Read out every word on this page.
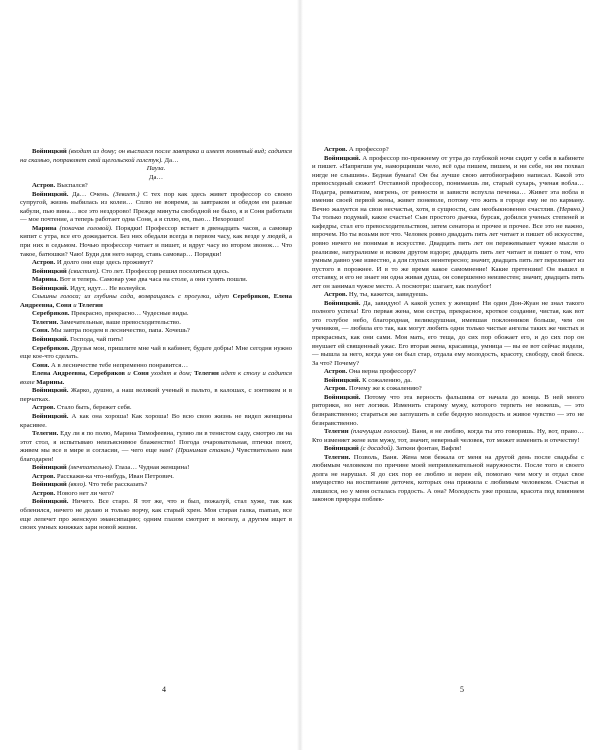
Войницкий (входит из дому; он выспался после завтрака и имеет помятый вид; садится на скамью, поправляет свой щегольской галстук). Да…

Пауза.

Да…

Астров. Выспался?

Войницкий. Да… Очень. (Зевает.) С тех пор как здесь живет профессор со своею супругой, жизнь выбилась из колеи… Сплю не вовремя, за завтраком и обедом ем разные кабули, пью вина… все это нездорово! Прежде минуты свободной не было, я и Соня работали — мое почтение, а теперь работает одна Соня, а я сплю, ем, пью… Нехорошо!

Марина (покачав головой). Порядки! Профессор встает в двенадцать часов, а самовар кипит с утра, все его дожидается. Без них обедали всегда в первом часу, как везде у людей, а при них в седьмом. Ночью профессор читает и пишет, и вдруг часу во втором звонок… Что такое, батюшки? Чаю! Буди для него народ, ставь самовар… Порядки!

Астров. И долго они еще здесь проживут?

Войницкий (свистит). Сто лет. Профессор решил поселиться здесь.

Марина. Вот и теперь. Самовар уже два часа на столе, а они гулять пошли.

Войницкий. Идут, идут… Не волнуйся.

Слышны голоса; из глубины сада, возвращаясь с прогулки, идут Серебряков, Елена Андреевна, Соня и Телегин

Серебряков. Прекрасно, прекрасно… Чудесные виды.

Телегин. Замечательные, ваше превосходительство.

Соня. Мы завтра поедем в лесничество, папа. Хочешь?

Войницкий. Господа, чай пить!

Серебряков. Друзья мои, пришлите мне чай в кабинет, будьте добры! Мне сегодня нужно еще кое-что сделать.

Соня. А в лесничестве тебе непременно понравится…

Елена Андреевна, Серебряков и Соня уходят в дом; Телегин идет к столу и садится возле Марины.

Войницкий. Жарко, душно, а наш великий ученый в пальто, в калошах, с зонтиком и в перчатках.

Астров. Стало быть, бережет себя.

Войницкий. А как она хороша! Как хороша! Во всю свою жизнь не видел женщины красивее.

Телегин. Еду ли я по полю, Марина Тимофеевна, гуляю ли в тенистом саду, смотрю ли на этот стол, я испытываю неизъяснимое блаженство! Погода очаровательная, птички поют, живем мы все в мире и согласии, — чего еще нам? (Принимая стакан.) Чувствительно вам благодарен!

Войницкий (мечтательно). Глаза… Чудная женщина!

Астров. Расскажи-ка что-нибудь, Иван Петрович.

Войницкий (вяло). Что тебе рассказать?

Астров. Нового нет ли чего?

Войницкий. Ничего. Все старо. Я тот же, что и был, пожалуй, стал хуже, так как обленился, ничего не делаю и только ворчу, как старый хрен. Моя старая галка, maman, все еще лепечет про женскую эмансипацию; одним глазом смотрит в могилу, а другим ищет в своих умных книжках зари новой жизни.

4

Астров. А профессор?

Войницкий. А профессор по-прежнему от утра до глубокой ночи сидит у себя в кабинете и пишет. «Напрягши ум, наморщивши чело, всё оды пишем, пишем, и ни себе, ни им похвал нигде не слышим». Бедная бумага! Он бы лучше свою автобиографию написал. Какой это превосходный сюжет! Отставной профессор, понимаешь ли, старый сухарь, ученая вобла… Подагра, ревматизм, мигрень, от ревности и зависти вспухла печенка… Живет эта вобла в имении своей первой жены, живет поневоле, потому что жить в городе ему не по карману. Вечно жалуется на свои несчастья, хотя, в сущности, сам необыкновенно счастлив. (Нервно.) Ты только подумай, какое счастье! Сын простого дьячка, бурсак, добился ученых степеней и кафедры, стал его превосходительством, зятем сенатора и прочее и прочее. Все это не важно, впрочем. Но ты возьми вот что. Человек ровно двадцать пять лет читает и пишет об искусстве, ровно ничего не понимая в искусстве. Двадцать пять лет он пережевывает чужие мысли о реализме, натурализме и всяком другом вздоре; двадцать пять лет читает и пишет о том, что умным давно уже известно, а для глупых неинтересно; значит, двадцать пять лет переливает из пустого в порожнее. И в то же время какое самомнение! Какие претензии! Он вышел в отставку, и его не знает ни одна живая душа, он совершенно неизвестен; значит, двадцать пять лет он занимал чужое место. А посмотри: шагает, как полубог!

Астров. Ну, ты, кажется, завидуешь.

Войницкий. Да, завидую! А какой успех у женщин! Ни один Дон-Жуан не знал такого полного успеха! Его первая жена, моя сестра, прекрасное, кроткое создание, чистая, как вот это голубое небо, благородная, великодушная, имевшая поклонников больше, чем он учеников, — любила его так, как могут любить одни только чистые ангелы таких же чистых и прекрасных, как они сами. Моя мать, его теща, до сих пор обожает его, и до сих пор он внушает ей священный ужас. Его вторая жена, красавица, умница — вы ее вот сейчас видели, — вышла за него, когда уже он был стар, отдала ему молодость, красоту, свободу, свой блеск. За что? Почему?

Астров. Она верна профессору?

Войницкий. К сожалению, да.

Астров. Почему же к сожалению?

Войницкий. Потому что эта верность фальшива от начала до конца. В ней много риторики, но нет логики. Изменить старому мужу, которого терпеть не можешь, — это безнравственно; стараться же заглушить в себе бедную молодость и живое чувство — это не безнравственно.

Телегин (плачущим голосом). Ваня, я не люблю, когда ты это говоришь. Ну, вот, право… Кто изменяет жене или мужу, тот, значит, неверный человек, тот может изменить и отечеству!

Войницкий (с досадой). Заткни фонтан, Вафля!

Телегин. Позволь, Ваня. Жена моя бежала от меня на другой день после свадьбы с любимым человеком по причине моей непривлекательной наружности. После того я своего долга не нарушал. Я до сих пор ее люблю и верен ей, помогаю чем могу и отдал свое имущество на воспитание деточек, которых она прижила с любимым человеком. Счастья я лишился, но у меня осталась гордость. А она? Молодость уже прошла, красота под влиянием законов природы поблек-

5
